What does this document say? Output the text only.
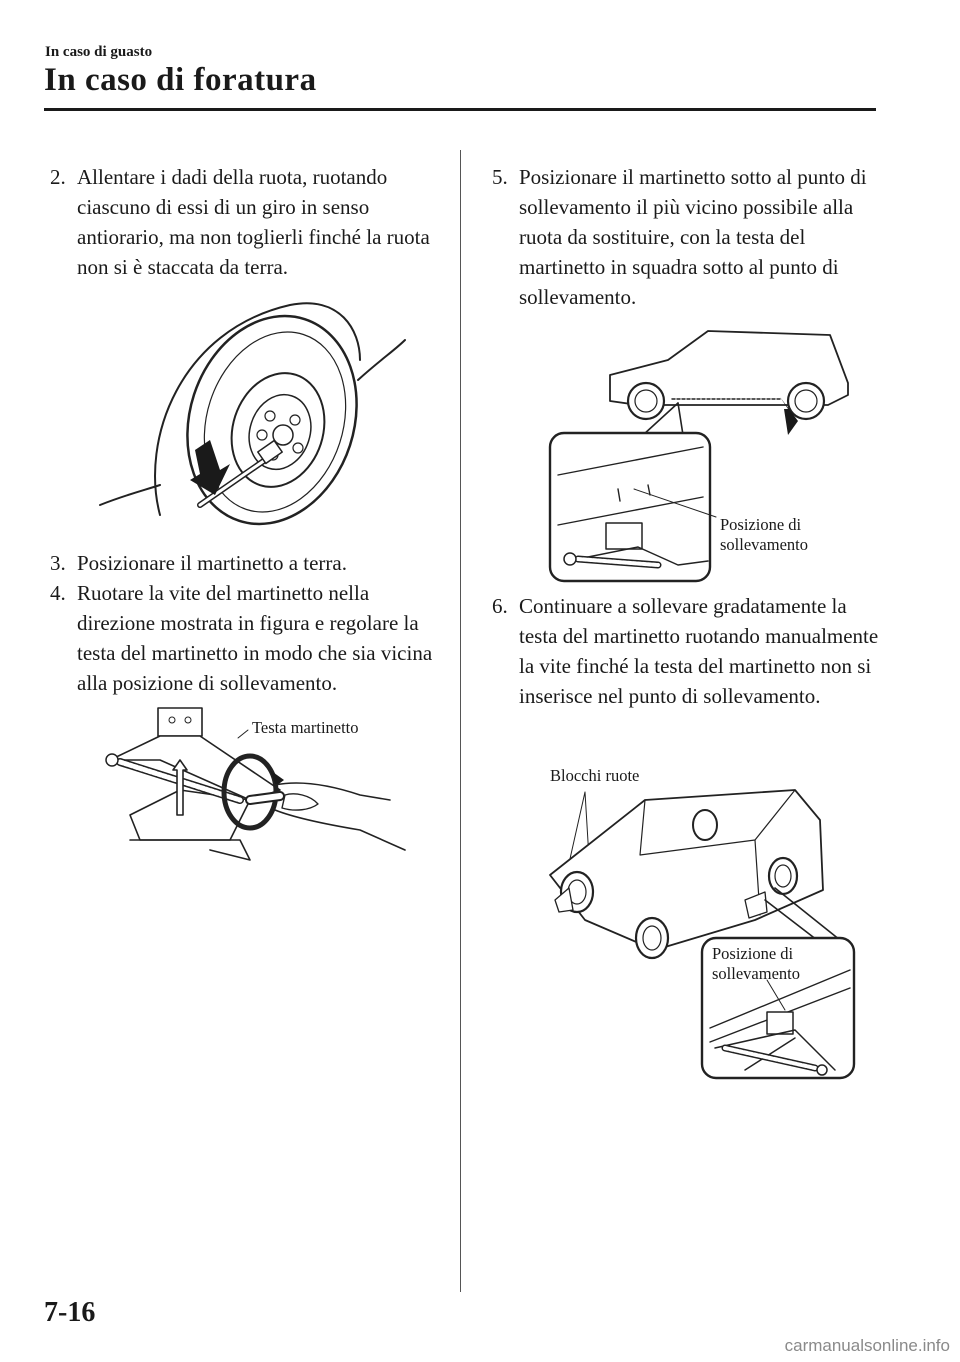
In caso di guasto
In caso di foratura
2. Allentare i dadi della ruota, ruotando ciascuno di essi di un giro in senso antiorario, ma non toglierli finché la ruota non si è staccata da terra.
3. Posizionare il martinetto a terra.
4. Ruotare la vite del martinetto nella direzione mostrata in figura e regolare la testa del martinetto in modo che sia vicina alla posizione di sollevamento.
Testa martinetto
5. Posizionare il martinetto sotto al punto di sollevamento il più vicino possibile alla ruota da sostituire, con la testa del martinetto in squadra sotto al punto di sollevamento.
Posizione di sollevamento
6. Continuare a sollevare gradatamente la testa del martinetto ruotando manualmente la vite finché la testa del martinetto non si inserisce nel punto di sollevamento.
Blocchi ruote
Posizione di sollevamento
7-16
carmanualsonline.info
